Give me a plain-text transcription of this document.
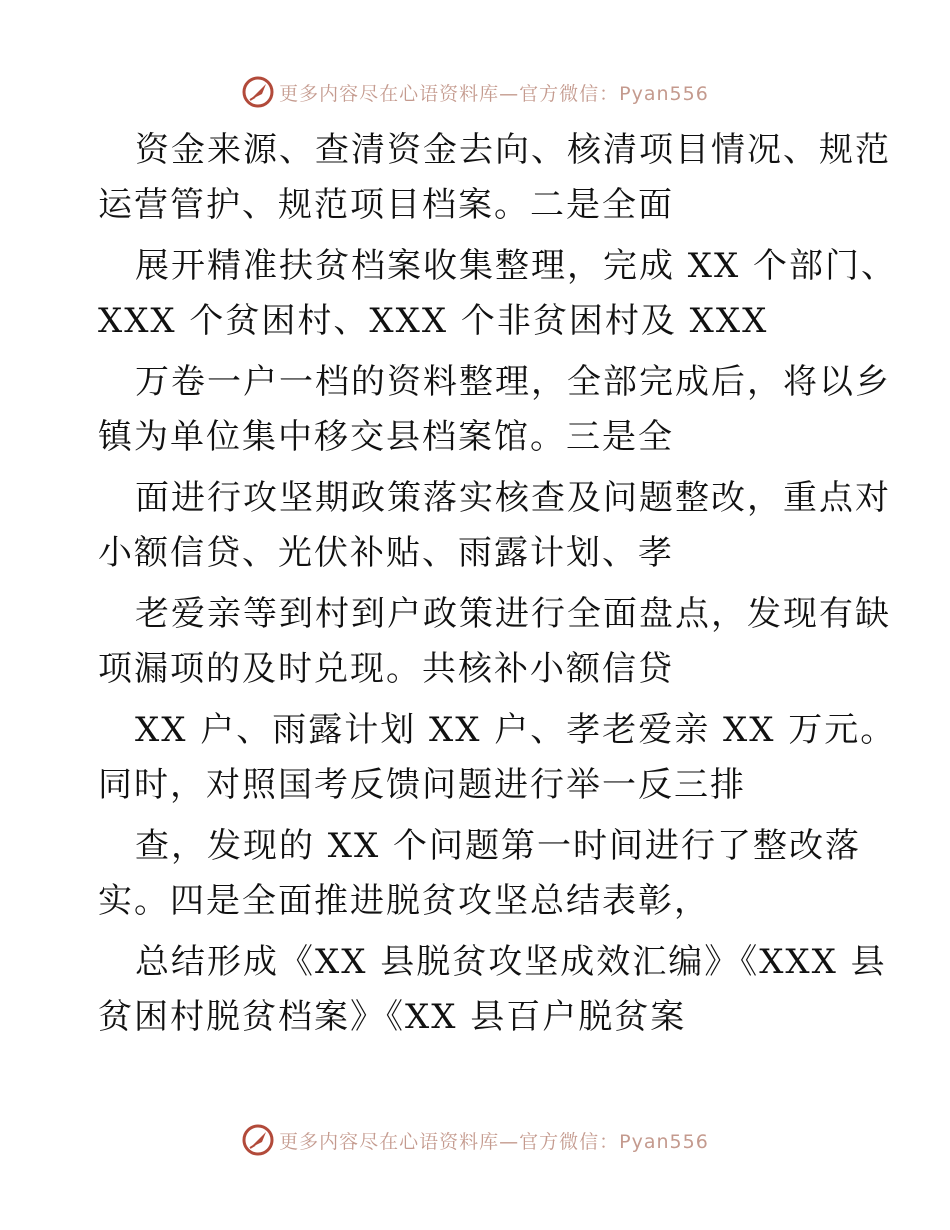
更多内容尽在心语资料库—官方微信：Pyan556
资金来源、查清资金去向、核清项目情况、规范
运营管护、规范项目档案。二是全面
展开精准扶贫档案收集整理，完成 XX 个部门、
XXX 个贫困村、XXX 个非贫困村及 XXX
万卷一户一档的资料整理，全部完成后，将以乡
镇为单位集中移交县档案馆。三是全
面进行攻坚期政策落实核查及问题整改，重点对
小额信贷、光伏补贴、雨露计划、孝
老爱亲等到村到户政策进行全面盘点，发现有缺
项漏项的及时兑现。共核补小额信贷
XX 户、雨露计划 XX 户、孝老爱亲 XX 万元。
同时，对照国考反馈问题进行举一反三排
查，发现的 XX 个问题第一时间进行了整改落
实。四是全面推进脱贫攻坚总结表彰，
总结形成《XX 县脱贫攻坚成效汇编》《XXX 县
贫困村脱贫档案》《XX 县百户脱贫案
更多内容尽在心语资料库—官方微信：Pyan556
